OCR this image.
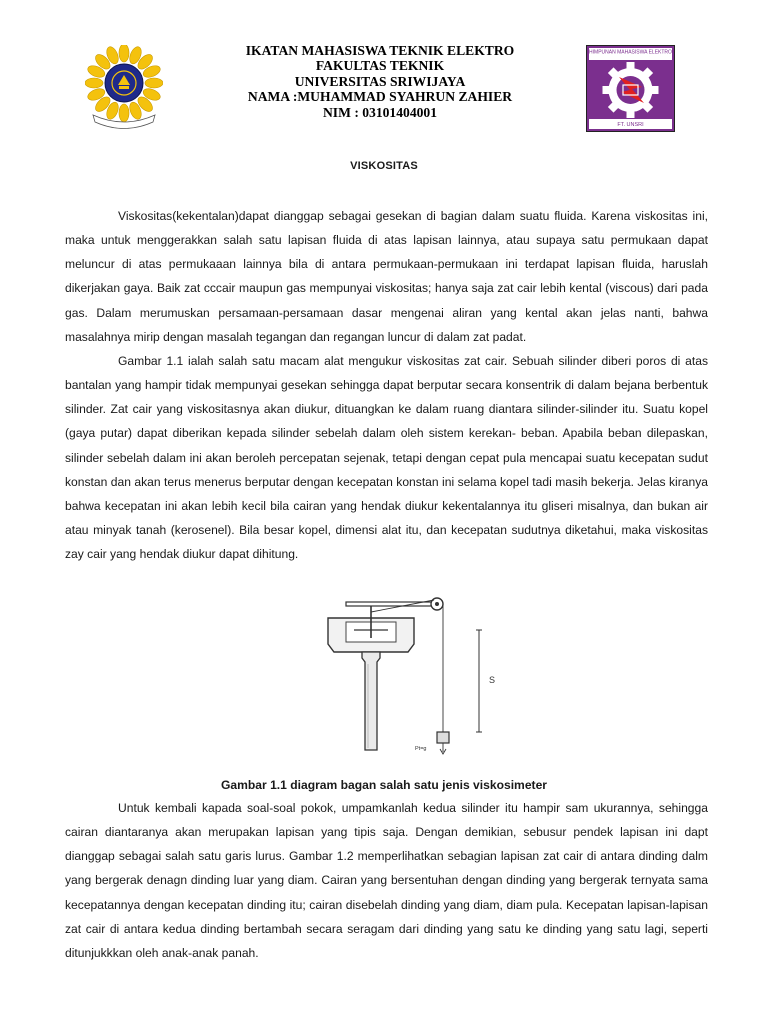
IKATAN MAHASISWA TEKNIK ELEKTRO
FAKULTAS TEKNIK
UNIVERSITAS SRIWIJAYA
NAMA :MUHAMMAD SYAHRUN ZAHIER
NIM : 03101404001
HIMPUNAN MAHASISWA ELEKTRO
FT. UNSRI
VISKOSITAS

Viskositas(kekentalan)dapat dianggap sebagai gesekan di bagian dalam suatu fluida. Karena viskositas ini, maka untuk menggerakkan salah satu lapisan fluida di atas lapisan lainnya, atau supaya satu permukaan dapat meluncur di atas permukaaan lainnya bila di antara permukaan-permukaan ini terdapat lapisan fluida, haruslah dikerjakan gaya. Baik zat cccair maupun gas mempunyai viskositas; hanya saja zat cair lebih kental (viscous) dari pada gas. Dalam merumuskan persamaan-persamaan dasar mengenai aliran yang kental akan jelas nanti, bahwa masalahnya mirip dengan masalah tegangan dan regangan luncur di dalam zat padat.

Gambar 1.1 ialah salah satu macam alat mengukur viskositas zat cair. Sebuah silinder diberi poros di atas bantalan yang hampir tidak mempunyai gesekan sehingga dapat berputar secara konsentrik di dalam bejana berbentuk silinder. Zat cair yang viskositasnya akan diukur, dituangkan ke dalam ruang diantara silinder-silinder itu. Suatu kopel (gaya putar) dapat diberikan kepada silinder sebelah dalam oleh sistem kerekan- beban. Apabila beban dilepaskan, silinder sebelah dalam ini akan beroleh percepatan sejenak, tetapi dengan cepat pula mencapai suatu kecepatan sudut konstan dan akan terus menerus berputar dengan kecepatan konstan ini selama kopel tadi masih bekerja. Jelas kiranya bahwa kecepatan ini akan lebih kecil bila cairan yang hendak diukur kekentalannya itu gliseri misalnya, dan bukan air atau minyak tanah (kerosenel). Bila besar kopel, dimensi alat itu, dan kecepatan sudutnya diketahui, maka viskositas zay cair yang hendak diukur dapat dihitung.

Pt=g
S
Gambar 1.1 diagram bagan salah satu jenis viskosimeter

Untuk kembali kapada soal-soal pokok, umpamkanlah kedua silinder itu hampir sam ukurannya, sehingga cairan diantaranya akan merupakan lapisan yang tipis saja. Dengan demikian, sebusur pendek lapisan ini dapt dianggap sebagai salah satu garis lurus. Gambar 1.2 memperlihatkan sebagian lapisan zat cair di antara dinding dalm yang bergerak denagn dinding luar yang diam. Cairan yang bersentuhan dengan dinding yang bergerak ternyata sama kecepatannya dengan kecepatan dinding itu; cairan disebelah dinding yang diam, diam pula. Kecepatan lapisan-lapisan zat cair di antara kedua dinding bertambah secara seragam dari dinding yang satu ke dinding yang satu lagi, seperti ditunjukkkan oleh anak-anak panah.
